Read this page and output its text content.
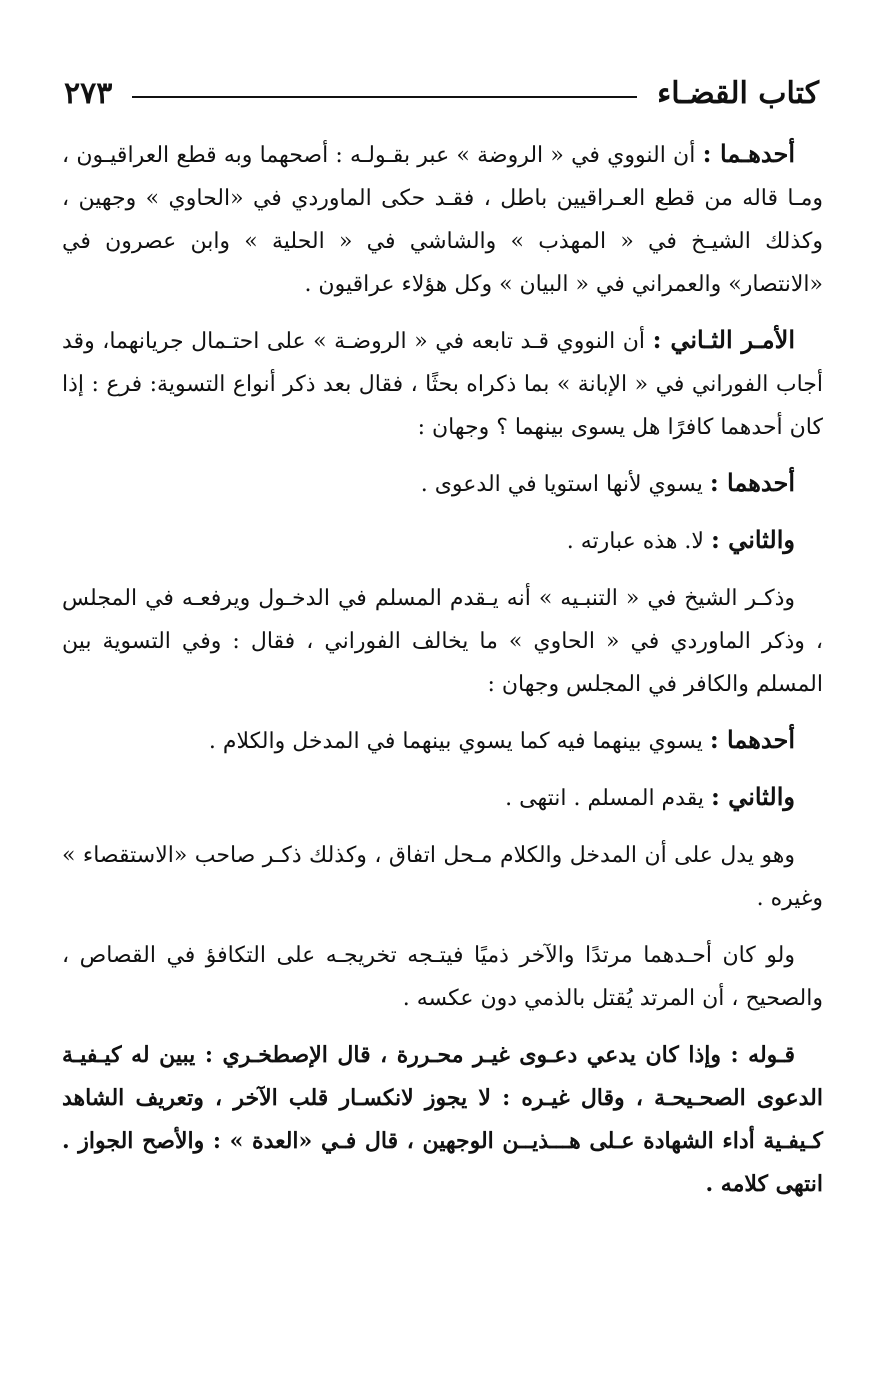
كتاب القضـاء
٢٧٣

أحدهـما : أن النووي في « الروضة » عبر بقـولـه : أصحهما وبه قطع العراقيـون ، ومـا قاله من قطع العـراقيين باطل ، فقـد حكى الماوردي في «الحاوي » وجهين ، وكذلك الشيـخ في « المهذب » والشاشي في « الحلية » وابن عصرون في «الانتصار» والعمراني في « البيان » وكل هؤلاء عراقيون .

الأمـر الثـاني : أن النووي قـد تابعه في « الروضـة » على احتـمال جريانهما، وقد أجاب الفوراني في « الإبانة » بما ذكراه بحثًا ، فقال بعد ذكر أنواع التسوية: فرع : إذا كان أحدهما كافرًا هل يسوى بينهما ؟ وجهان :

أحدهما : يسوي لأنها استويا في الدعوى .

والثاني : لا. هذه عبارته .

وذكـر الشيخ في « التنبـيه » أنه يـقدم المسلم في الدخـول ويرفعـه في المجلس ، وذكر الماوردي في « الحاوي » ما يخالف الفوراني ، فقال : وفي التسوية بين المسلم والكافر في المجلس وجهان :

أحدهما : يسوي بينهما فيه كما يسوي بينهما في المدخل والكلام .

والثاني : يقدم المسلم . انتهى .

وهو يدل على أن المدخل والكلام مـحل اتفاق ، وكذلك ذكـر صاحب «الاستقصاء » وغيره .

ولو كان أحـدهما مرتدًا والآخر ذميًا فيتـجه تخريجـه على التكافؤ في القصاص ، والصحيح ، أن المرتد يُقتل بالذمي دون عكسه .

قـوله : وإذا كان يدعي دعـوى غيـر محـررة ، قال الإصطخـري : يبين له كيـفيـة الدعوى الصحـيحـة ، وقال غيـره : لا يجوز لانكسـار قلب الآخر ، وتعريف الشاهد كـيفـية أداء الشهادة عـلى هـــذيــن الوجهين ، قال فـي «العدة » : والأصح الجواز . انتهى كلامه .
